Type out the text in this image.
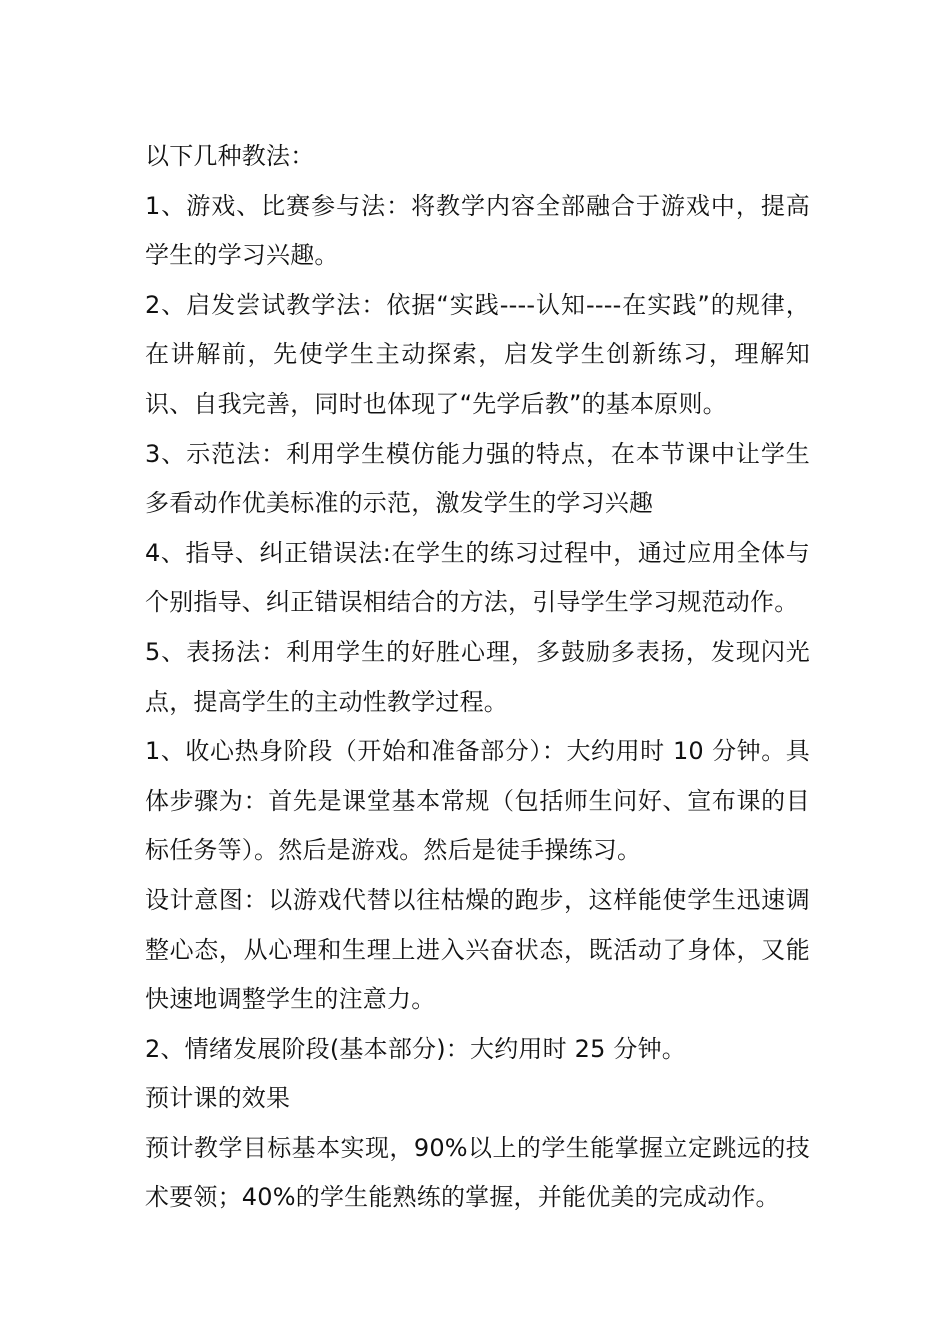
以下几种教法：

1、游戏、比赛参与法：将教学内容全部融合于游戏中，提高学生的学习兴趣。

2、启发尝试教学法：依据“实践----认知----在实践”的规律，在讲解前，先使学生主动探索，启发学生创新练习，理解知识、自我完善，同时也体现了“先学后教”的基本原则。

3、示范法：利用学生模仿能力强的特点，在本节课中让学生多看动作优美标准的示范，激发学生的学习兴趣

4、指导、纠正错误法:在学生的练习过程中，通过应用全体与个别指导、纠正错误相结合的方法，引导学生学习规范动作。

5、表扬法：利用学生的好胜心理，多鼓励多表扬，发现闪光点，提高学生的主动性教学过程。

1、收心热身阶段（开始和准备部分）：大约用时 10 分钟。具体步骤为：首先是课堂基本常规（包括师生问好、宣布课的目标任务等）。然后是游戏。然后是徒手操练习。

设计意图：以游戏代替以往枯燥的跑步，这样能使学生迅速调整心态，从心理和生理上进入兴奋状态，既活动了身体，又能快速地调整学生的注意力。

2、情绪发展阶段(基本部分)：大约用时 25 分钟。

预计课的效果

预计教学目标基本实现，90%以上的学生能掌握立定跳远的技术要领；40%的学生能熟练的掌握，并能优美的完成动作。
